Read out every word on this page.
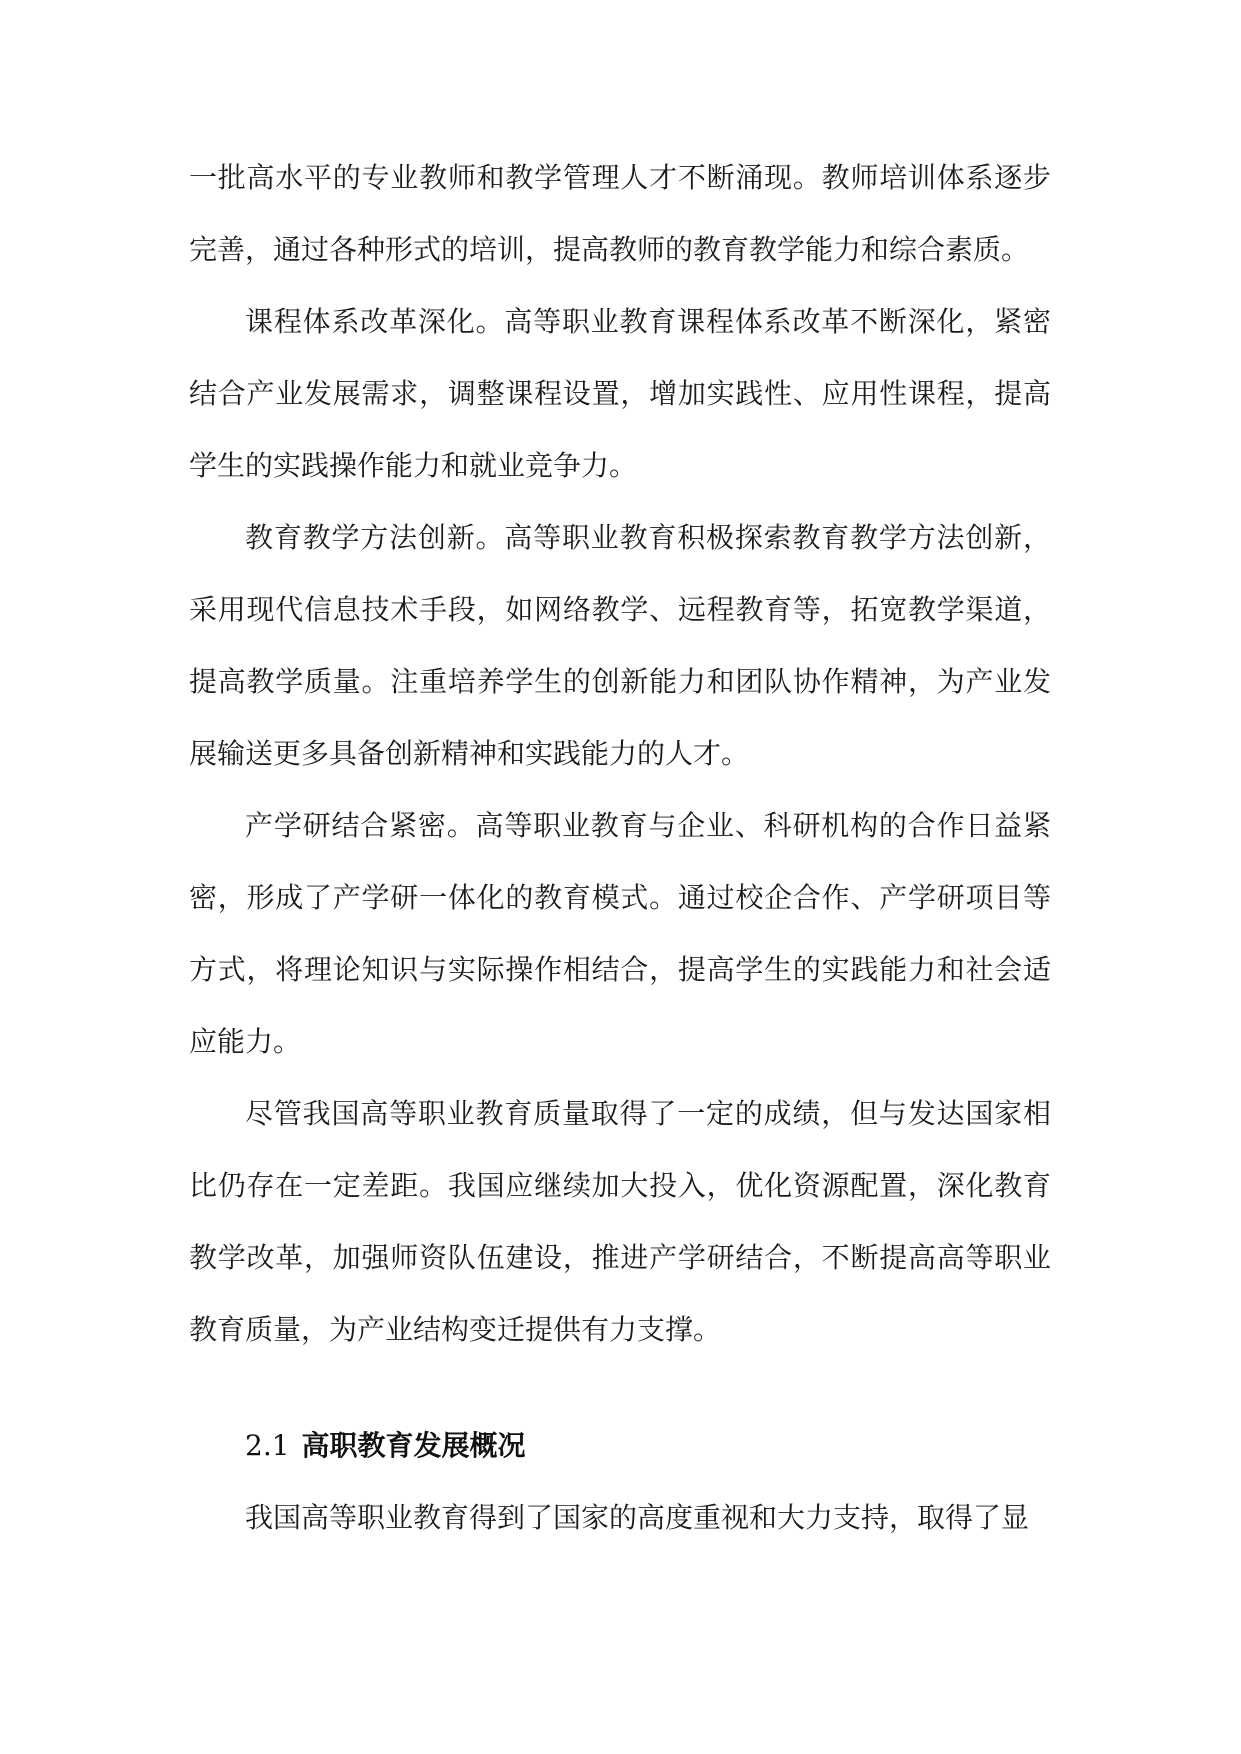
一批高水平的专业教师和教学管理人才不断涌现。教师培训体系逐步完善，通过各种形式的培训，提高教师的教育教学能力和综合素质。

课程体系改革深化。高等职业教育课程体系改革不断深化，紧密结合产业发展需求，调整课程设置，增加实践性、应用性课程，提高学生的实践操作能力和就业竞争力。

教育教学方法创新。高等职业教育积极探索教育教学方法创新，采用现代信息技术手段，如网络教学、远程教育等，拓宽教学渠道，提高教学质量。注重培养学生的创新能力和团队协作精神，为产业发展输送更多具备创新精神和实践能力的人才。

产学研结合紧密。高等职业教育与企业、科研机构的合作日益紧密，形成了产学研一体化的教育模式。通过校企合作、产学研项目等方式，将理论知识与实际操作相结合，提高学生的实践能力和社会适应能力。

尽管我国高等职业教育质量取得了一定的成绩，但与发达国家相比仍存在一定差距。我国应继续加大投入，优化资源配置，深化教育教学改革，加强师资队伍建设，推进产学研结合，不断提高高等职业教育质量，为产业结构变迁提供有力支撑。

2.1 高职教育发展概况

我国高等职业教育得到了国家的高度重视和大力支持，取得了显
